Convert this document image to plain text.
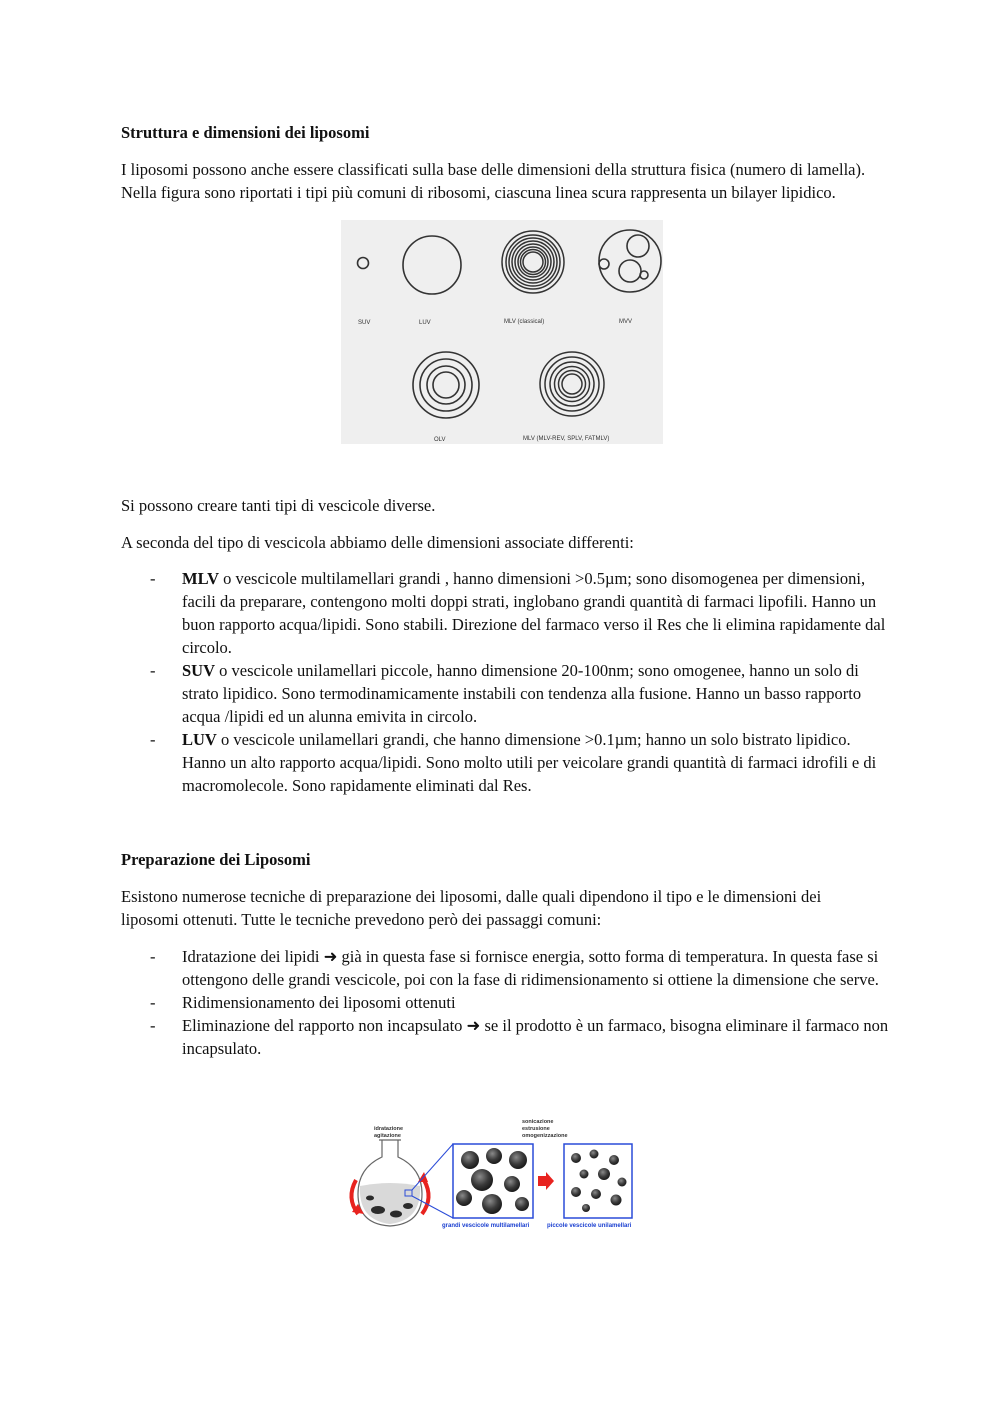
Struttura e dimensioni dei liposomi

I liposomi possono anche essere classificati sulla base delle dimensioni della struttura fisica (numero di lamella). Nella figura sono riportati i tipi più comuni di ribosomi, ciascuna linea scura rappresenta un bilayer lipidico.

SUV	LUV	MLV (classical)	MVV
OLV	MLV (MLV-REV, SPLV, FATMLV)

Si possono creare tanti tipi di vescicole diverse.

A seconda del tipo di vescicola abbiamo delle dimensioni associate differenti:

- MLV o vescicole multilamellari grandi , hanno dimensioni >0.5µm; sono disomogenea per dimensioni, facili da preparare, contengono molti doppi strati, inglobano grandi quantità di farmaci lipofili. Hanno un buon rapporto acqua/lipidi. Sono stabili. Direzione del farmaco verso il Res che li elimina rapidamente dal circolo.
- SUV o vescicole unilamellari piccole, hanno dimensione 20-100nm; sono omogenee, hanno un solo di strato lipidico. Sono termodinamicamente instabili con tendenza alla fusione. Hanno un basso rapporto acqua /lipidi ed un alunna emivita in circolo.
- LUV o vescicole unilamellari grandi, che hanno dimensione >0.1µm; hanno un solo bistrato lipidico. Hanno un alto rapporto acqua/lipidi. Sono molto utili per veicolare grandi quantità di farmaci idrofili e di macromolecole. Sono rapidamente eliminati dal Res.
Preparazione dei Liposomi

Esistono numerose tecniche di preparazione dei liposomi, dalle quali dipendono il tipo e le dimensioni dei liposomi ottenuti. Tutte le tecniche prevedono però dei passaggi comuni:

- Idratazione dei lipidi ➜ già in questa fase si fornisce energia, sotto forma di temperatura. In questa fase si ottengono delle grandi vescicole, poi con la fase di ridimensionamento si ottiene la dimensione che serve.
- Ridimensionamento dei liposomi ottenuti
- Eliminazione del rapporto non incapsulato ➜ se il prodotto è un farmaco, bisogna eliminare il farmaco non incapsulato.
idratazione
agitazione
sonicazione
estrusione
omogenizzazione
grandi vescicole multilamellari	piccole vescicole unilamellari
